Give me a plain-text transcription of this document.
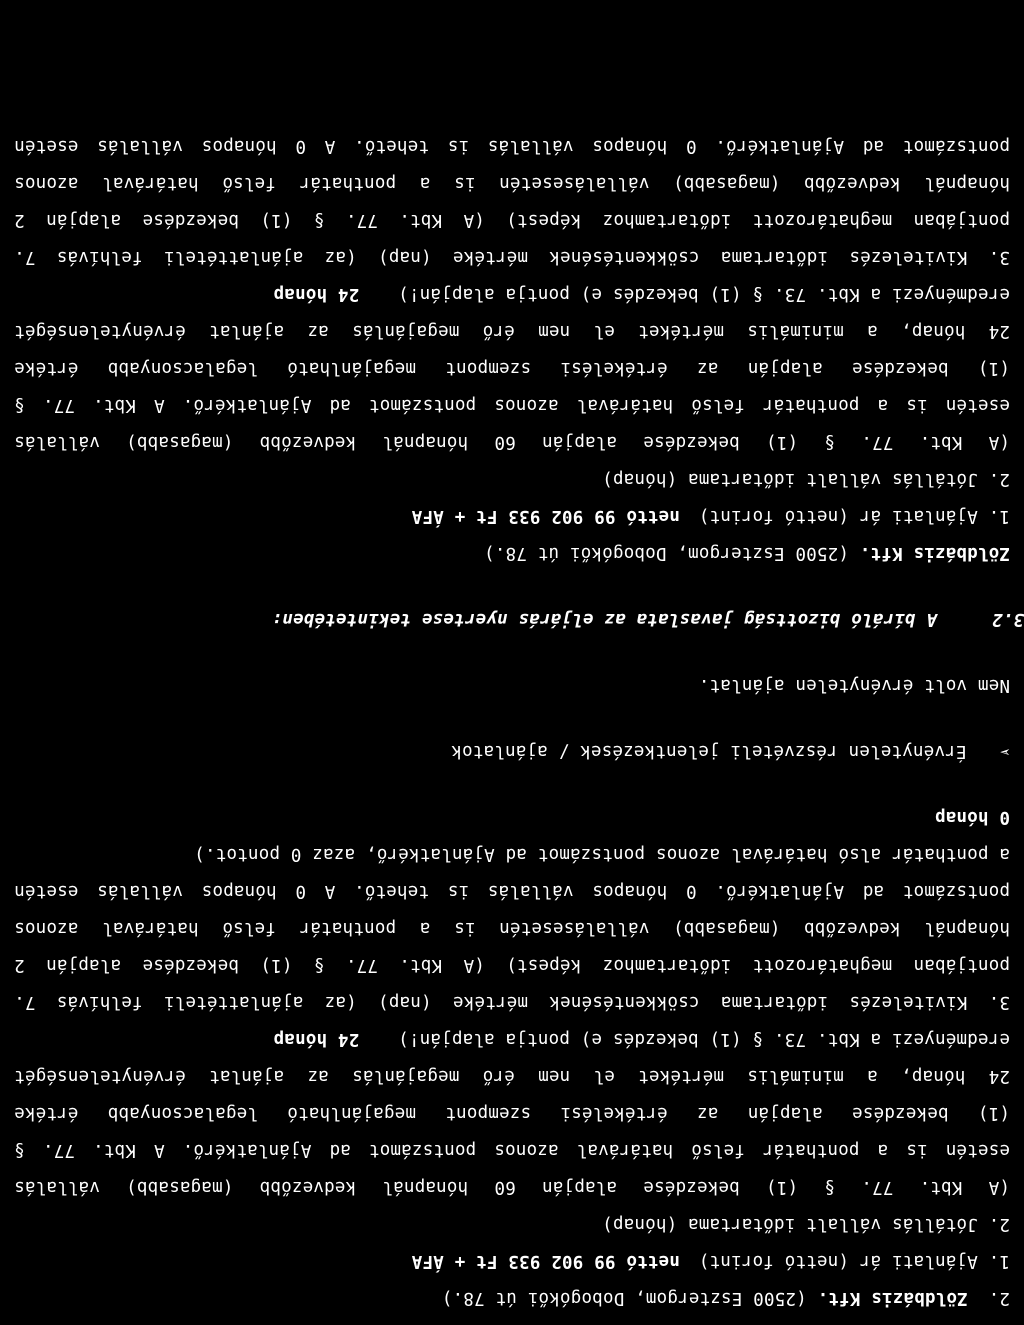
2. Zöldbázis Kft. (2500 Esztergom, Dobogókői út 78.)
1. Ajánlati ár (nettó forint) nettó 99 902 933 Ft + ÁFA
2. Jótállás vállalt időtartama (hónap)
(A Kbt. 77. § (1) bekezdése alapján 60 hónapnál kedvezőbb (magasabb) vállalás
esetén is a ponthatár felső határával azonos pontszámot ad Ajánlatkérő. A Kbt. 77. §
(1) bekezdése alapján az értékelési szempont megajánlható legalacsonyabb értéke
24 hónap, a minimális mértéket el nem érő megajánlás az ajánlat érvénytelenségét
eredményezi a Kbt. 73. § (1) bekezdés e) pontja alapján!) 24 hónap
3. Kivitelezés időtartama csökkentésének mértéke (nap) (az ajánlattételi felhívás 7.
pontjában meghatározott időtartamhoz képest) (A Kbt. 77. § (1) bekezdése alapján 2
hónapnál kedvezőbb (magasabb) vállalásesetén is a ponthatár felső határával azonos
pontszámot ad Ajánlatkérő. 0 hónapos vállalás is tehető. A 0 hónapos vállalás esetén
a ponthatár alsó határával azonos pontszámot ad Ajánlatkérő, azaz 0 pontot.)
0 hónap
➢ Érvénytelen részvételi jelentkezések / ajánlatok
Nem volt érvénytelen ajánlat.
3.2 A bíráló bizottság javaslata az eljárás nyertese tekintetében:
Zöldbázis Kft. (2500 Esztergom, Dobogókői út 78.)
1. Ajánlati ár (nettó forint) nettó 99 902 933 Ft + ÁFA
2. Jótállás vállalt időtartama (hónap)
(A Kbt. 77. § (1) bekezdése alapján 60 hónapnál kedvezőbb (magasabb) vállalás
esetén is a ponthatár felső határával azonos pontszámot ad Ajánlatkérő. A Kbt. 77. §
(1) bekezdése alapján az értékelési szempont megajánlható legalacsonyabb értéke
24 hónap, a minimális mértéket el nem érő megajánlás az ajánlat érvénytelenségét
eredményezi a Kbt. 73. § (1) bekezdés e) pontja alapján!) 24 hónap
3. Kivitelezés időtartama csökkentésének mértéke (nap) (az ajánlattételi felhívás 7.
pontjában meghatározott időtartamhoz képest) (A Kbt. 77. § (1) bekezdése alapján 2
hónapnál kedvezőbb (magasabb) vállalásesetén is a ponthatár felső határával azonos
pontszámot ad Ajánlatkérő. 0 hónapos vállalás is tehető. A 0 hónapos vállalás esetén
